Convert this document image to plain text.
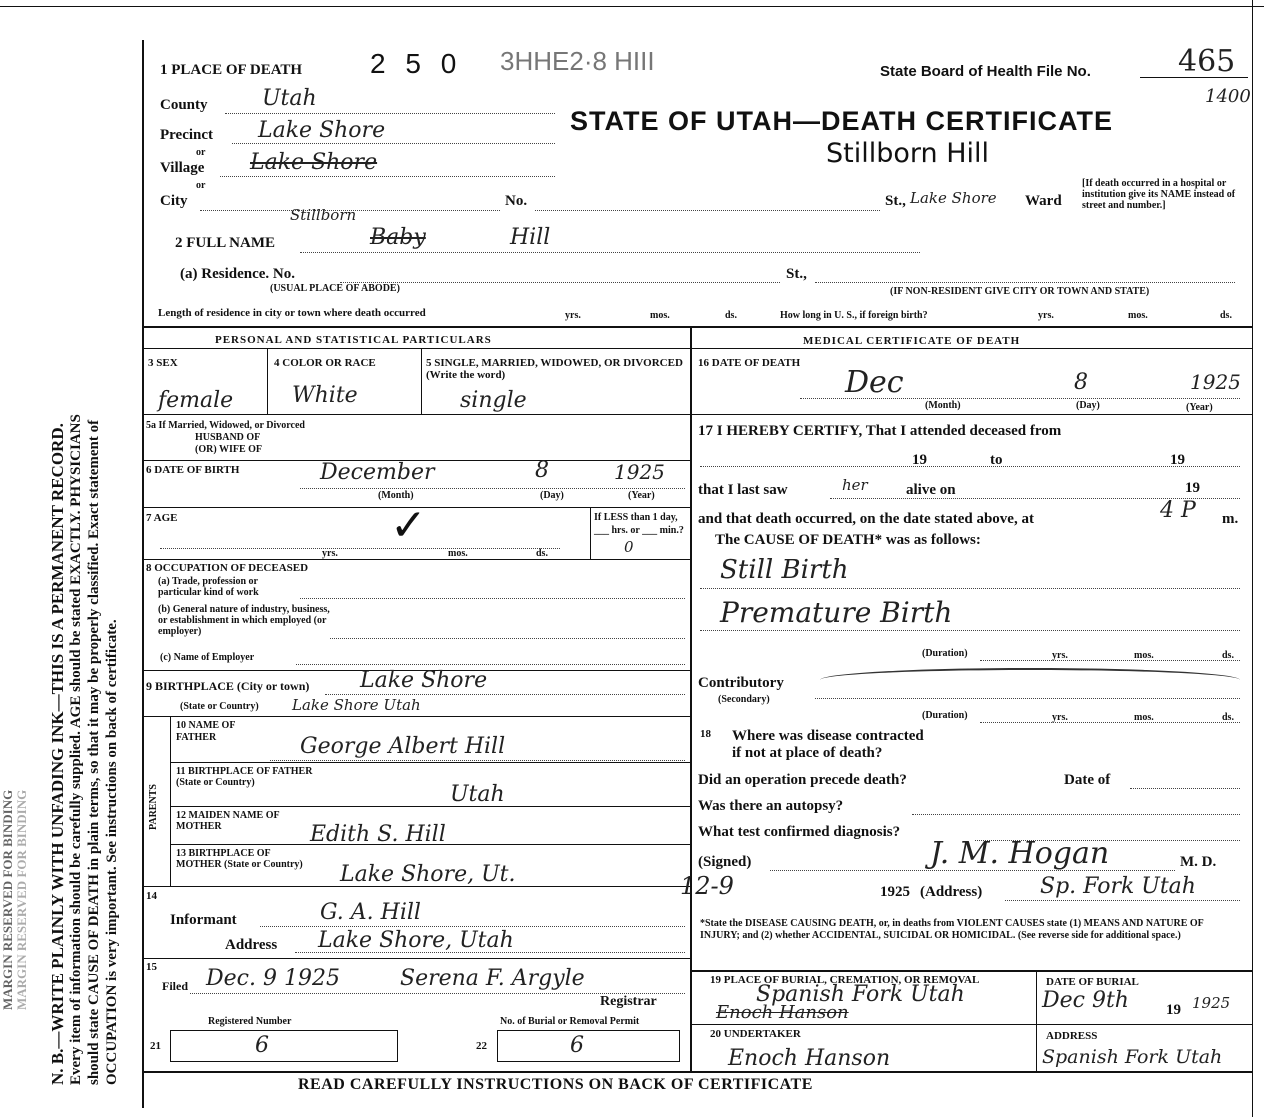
MARGIN RESERVED FOR BINDING MARGIN RESERVED FOR BINDING N. B.—WRITE PLAINLY WITH UNFADING INK—THIS IS A PERMANENT RECORD. Every item of information should be carefully supplied. AGE should be stated EXACTLY. PHYSICIANS should state CAUSE OF DEATH in plain terms, so that it may be properly classified. Exact statement of OCCUPATION is very important. See instructions on back of certificate.
1 PLACE OF DEATH 2 5 0 3HHE2·8 HIII	State Board of Health File No.	465
1400
STATE OF UTAH—DEATH CERTIFICATE
Stillborn Hill
County Utah
Precinct Lake Shore
or
Village Lake Shore
or
City	No.	St., Lake Shore Ward
[If death occurred in a hospital or institution give its NAME instead of street and number.]
2 FULL NAME
Stillborn
Baby	Hill
(a) Residence. No.
(USUAL PLACE OF ABODE)
St.,
(IF NON-RESIDENT GIVE CITY OR TOWN AND STATE)
Length of residence in city or town where death occurred	yrs.	mos.	ds.	How long in U. S., if foreign birth?	yrs.	mos.	ds.
PERSONAL AND STATISTICAL PARTICULARS	MEDICAL CERTIFICATE OF DEATH
3 SEX
female
4 COLOR OR RACE
White
5 SINGLE, MARRIED, WIDOWED, OR DIVORCED (Write the word)
single
5a If Married, Widowed, or Divorced
HUSBAND OF
(OR) WIFE OF
6 DATE OF BIRTH	December	8	1925
(Month)	(Day)	(Year)
7 AGE	✓
yrs.	mos.	ds.
If LESS than 1 day, ___ hrs. or ___ min.?
0
8 OCCUPATION OF DECEASED
(a) Trade, profession or particular kind of work
(b) General nature of industry, business, or establishment in which employed (or employer)
(c) Name of Employer
9 BIRTHPLACE (City or town) Lake Shore
(State or Country) Lake Shore Utah
PARENTS
10 NAME OF FATHER	George Albert Hill
11 BIRTHPLACE OF FATHER (State or Country)	Utah
12 MAIDEN NAME OF MOTHER	Edith S. Hill
13 BIRTHPLACE OF MOTHER (State or Country)	Lake Shore, Ut.
14
Informant	G. A. Hill
Address Lake Shore, Utah
15
Filed Dec. 9 1925	Serena F. Argyle
Registrar
Registered Number	No. of Burial or Removal Permit
21	6	22	6
16 DATE OF DEATH
Dec	8	1925
(Month)	(Day)	(Year)
17 I HEREBY CERTIFY, That I attended deceased from
19	to	19
that I last saw	her	alive on	19
and that death occurred, on the date stated above, at	4 P m.
The CAUSE OF DEATH* was as follows:
Still Birth
Premature Birth
(Duration)	yrs.	mos.	ds.
Contributory
(Secondary)
(Duration)	yrs.	mos.	ds.
18 Where was disease contracted
if not at place of death?
Did an operation precede death?	Date of
Was there an autopsy?
What test confirmed diagnosis?
(Signed)	J. M. Hogan	M. D.
12-9	1925 (Address)	Sp. Fork Utah
*State the DISEASE CAUSING DEATH, or, in deaths from VIOLENT CAUSES state (1) MEANS AND NATURE OF INJURY; and (2) whether ACCIDENTAL, SUICIDAL OR HOMICIDAL. (See reverse side for additional space.)
19 PLACE OF BURIAL, CREMATION, OR REMOVAL
Spanish Fork Utah
Enoch Hanson
DATE OF BURIAL
Dec 9th 19 1925
20 UNDERTAKER
Enoch Hanson
ADDRESS
Spanish Fork Utah
READ CAREFULLY INSTRUCTIONS ON BACK OF CERTIFICATE
